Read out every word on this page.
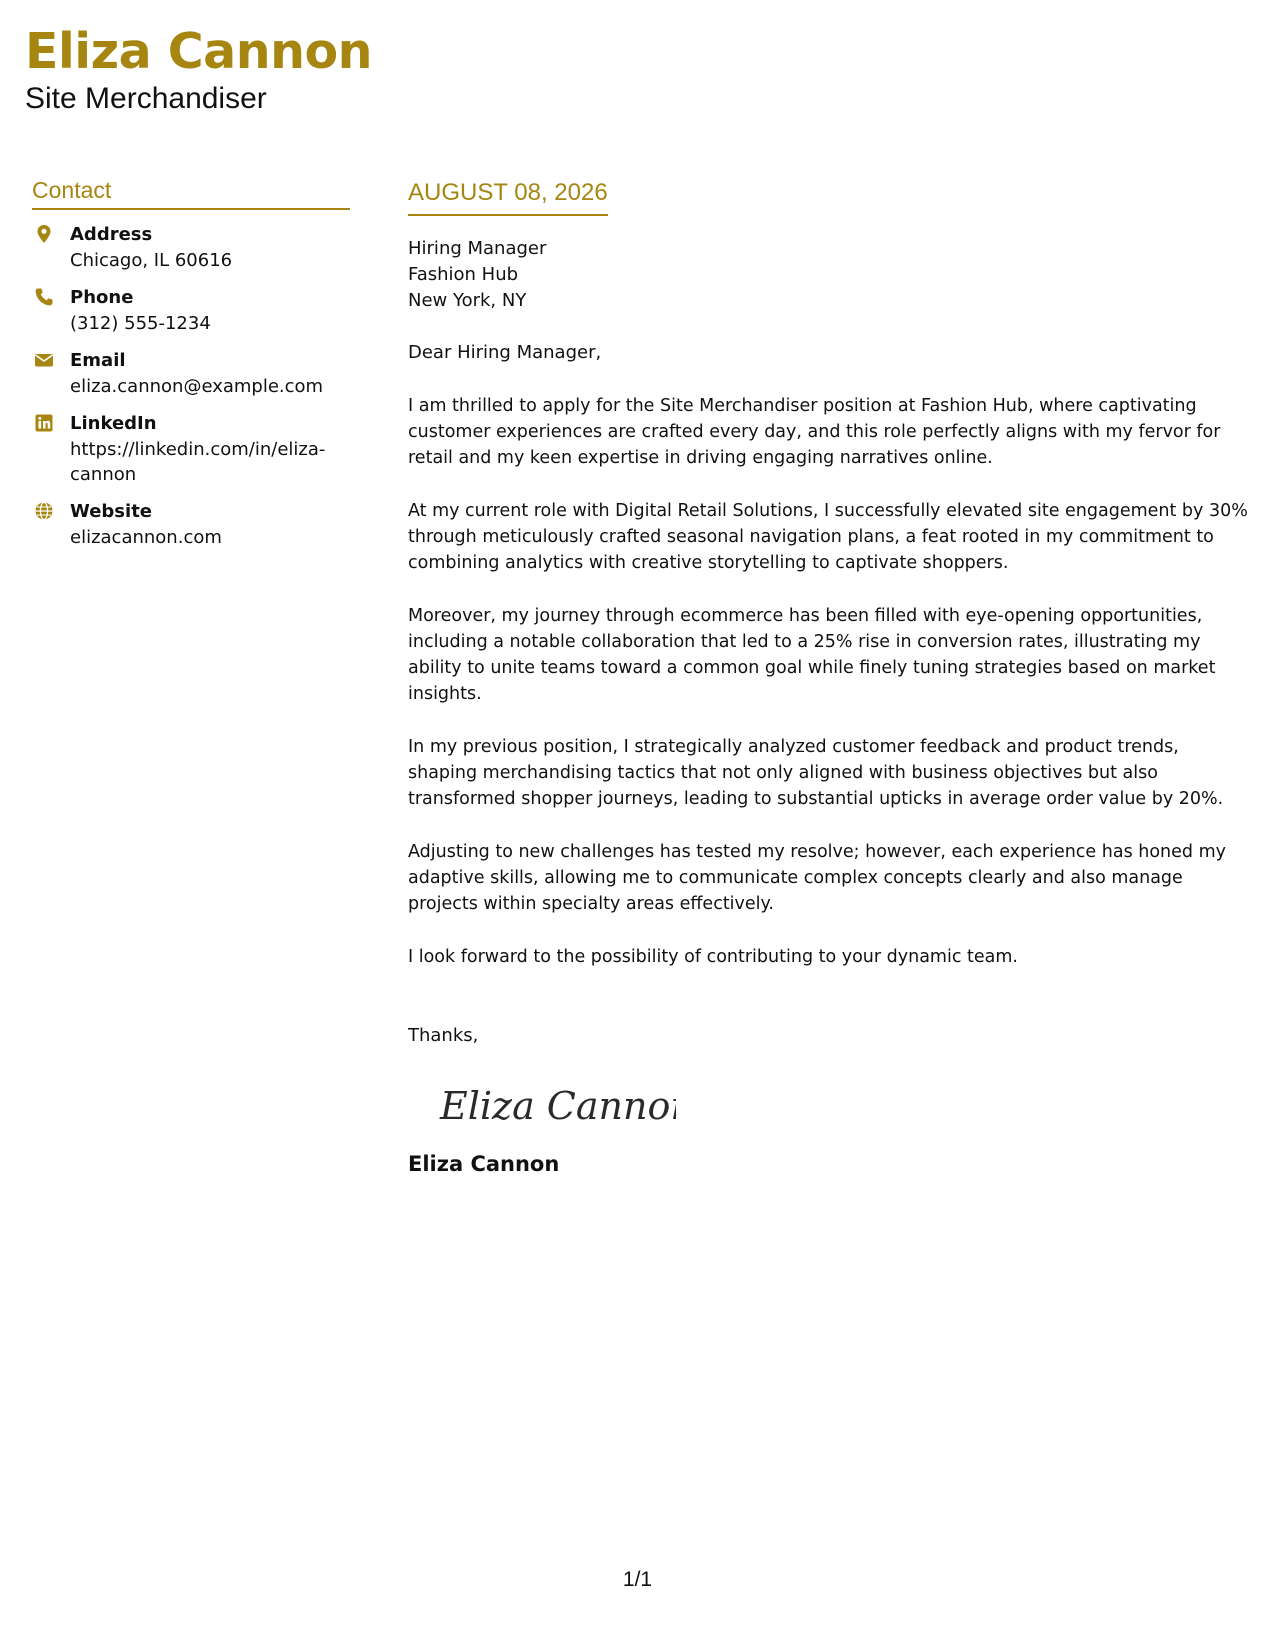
Eliza Cannon
Site Merchandiser
Contact
Address
Chicago, IL 60616
Phone
(312) 555-1234
Email
eliza.cannon@example.com
LinkedIn
https://linkedin.com/in/eliza-cannon
Website
elizacannon.com
AUGUST 08, 2026
Hiring Manager
Fashion Hub
New York, NY
Dear Hiring Manager,

I am thrilled to apply for the Site Merchandiser position at Fashion Hub, where captivating customer experiences are crafted every day, and this role perfectly aligns with my fervor for retail and my keen expertise in driving engaging narratives online.

At my current role with Digital Retail Solutions, I successfully elevated site engagement by 30% through meticulously crafted seasonal navigation plans, a feat rooted in my commitment to combining analytics with creative storytelling to captivate shoppers.

Moreover, my journey through ecommerce has been filled with eye-opening opportunities, including a notable collaboration that led to a 25% rise in conversion rates, illustrating my ability to unite teams toward a common goal while finely tuning strategies based on market insights.

In my previous position, I strategically analyzed customer feedback and product trends, shaping merchandising tactics that not only aligned with business objectives but also transformed shopper journeys, leading to substantial upticks in average order value by 20%.

Adjusting to new challenges has tested my resolve; however, each experience has honed my adaptive skills, allowing me to communicate complex concepts clearly and also manage projects within specialty areas effectively.

I look forward to the possibility of contributing to your dynamic team.

Thanks,
Eliza Cannon
Eliza Cannon
1/1
